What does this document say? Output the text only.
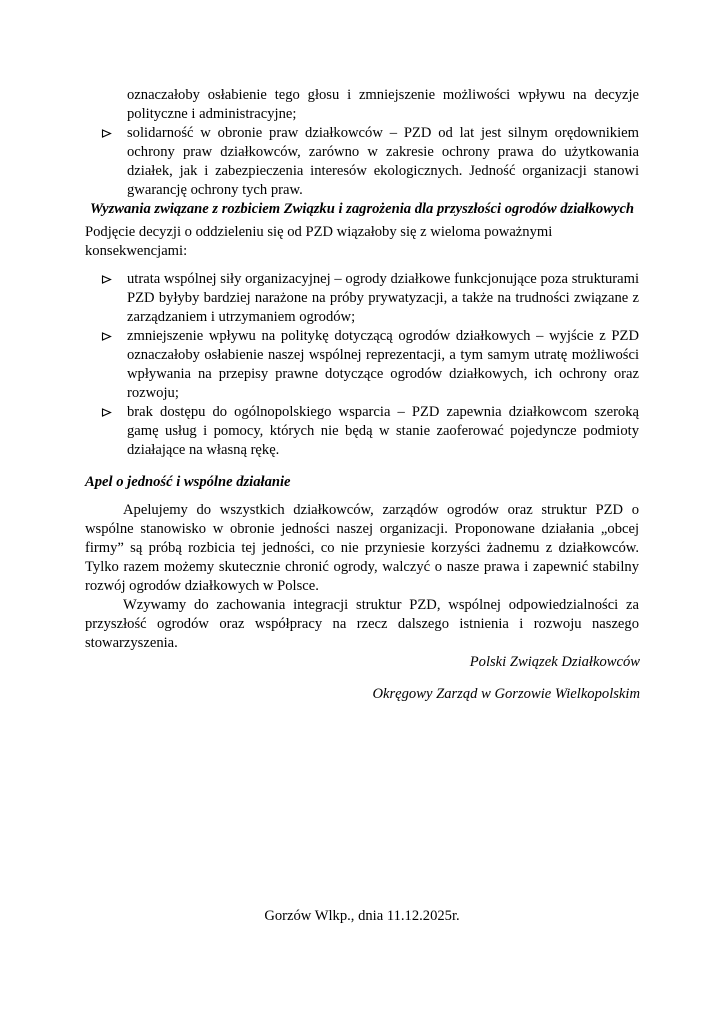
oznaczałoby osłabienie tego głosu i zmniejszenie możliwości wpływu na decyzje polityczne i administracyjne;

solidarność w obronie praw działkowców – PZD od lat jest silnym orędownikiem ochrony praw działkowców, zarówno w zakresie ochrony prawa do użytkowania działek, jak i zabezpieczenia interesów ekologicznych. Jedność organizacji stanowi gwarancję ochrony tych praw.

Wyzwania związane z rozbiciem Związku i zagrożenia dla przyszłości ogrodów działkowych

Podjęcie decyzji o oddzieleniu się od PZD wiązałoby się z wieloma poważnymi konsekwencjami:

utrata wspólnej siły organizacyjnej – ogrody działkowe funkcjonujące poza strukturami PZD byłyby bardziej narażone na próby prywatyzacji, a także na trudności związane z zarządzaniem i utrzymaniem ogrodów;
zmniejszenie wpływu na politykę dotyczącą ogrodów działkowych – wyjście z PZD oznaczałoby osłabienie naszej wspólnej reprezentacji, a tym samym utratę możliwości wpływania na przepisy prawne dotyczące ogrodów działkowych, ich ochrony oraz rozwoju;
brak dostępu do ogólnopolskiego wsparcia – PZD zapewnia działkowcom szeroką gamę usług i pomocy, których nie będą w stanie zaoferować pojedyncze podmioty działające na własną rękę.

Apel o jedność i wspólne działanie

Apelujemy do wszystkich działkowców, zarządów ogrodów oraz struktur PZD o wspólne stanowisko w obronie jedności naszej organizacji. Proponowane działania „obcej firmy” są próbą rozbicia tej jedności, co nie przyniesie korzyści żadnemu z działkowców. Tylko razem możemy skutecznie chronić ogrody, walczyć o nasze prawa i zapewnić stabilny rozwój ogrodów działkowych w Polsce.

Wzywamy do zachowania integracji struktur PZD, wspólnej odpowiedzialności za przyszłość ogrodów oraz współpracy na rzecz dalszego istnienia i rozwoju naszego stowarzyszenia.

Polski Związek Działkowców

Okręgowy Zarząd w Gorzowie Wielkopolskim

Gorzów Wlkp., dnia 11.12.2025r.
